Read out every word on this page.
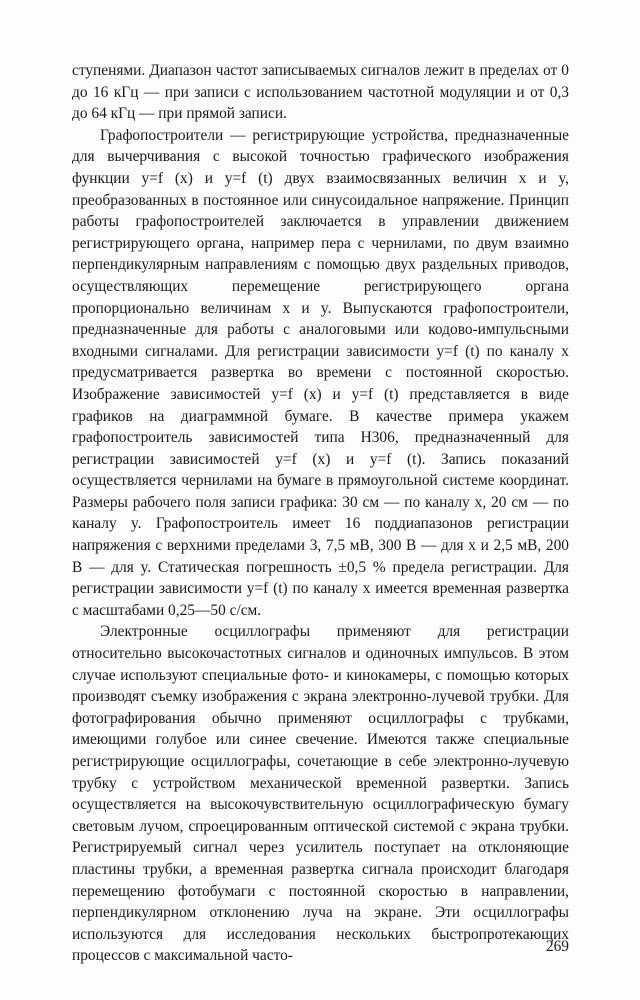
ступенями. Диапазон частот записываемых сигналов лежит в пределах от 0 до 16 кГц — при записи с использованием частотной модуляции и от 0,3 до 64 кГц — при прямой записи.

Графопостроители — регистрирующие устройства, предназначенные для вычерчивания с высокой точностью графического изображения функции y=f (x) и y=f (t) двух взаимосвязанных величин x и y, преобразованных в постоянное или синусоидальное напряжение. Принцип работы графопостроителей заключается в управлении движением регистрирующего органа, например пера с чернилами, по двум взаимно перпендикулярным направлениям с помощью двух раздельных приводов, осуществляющих перемещение регистрирующего органа пропорционально величинам x и y. Выпускаются графопостроители, предназначенные для работы с аналоговыми или кодово-импульсными входными сигналами. Для регистрации зависимости y=f (t) по каналу x предусматривается развертка во времени с постоянной скоростью. Изображение зависимостей y=f (x) и y=f (t) представляется в виде графиков на диаграммной бумаге. В качестве примера укажем графопостроитель зависимостей типа Н306, предназначенный для регистрации зависимостей y=f (x) и y=f (t). Запись показаний осуществляется чернилами на бумаге в прямоугольной системе координат. Размеры рабочего поля записи графика: 30 см — по каналу x, 20 см — по каналу y. Графопостроитель имеет 16 поддиапазонов регистрации напряжения с верхними пределами 3, 7,5 мВ, 300 В — для x и 2,5 мВ, 200 В — для y. Статическая погрешность ±0,5 % предела регистрации. Для регистрации зависимости y=f (t) по каналу x имеется временная развертка с масштабами 0,25—50 с/см.

Электронные осциллографы применяют для регистрации относительно высокочастотных сигналов и одиночных импульсов. В этом случае используют специальные фото- и кинокамеры, с помощью которых производят съемку изображения с экрана электронно-лучевой трубки. Для фотографирования обычно применяют осциллографы с трубками, имеющими голубое или синее свечение. Имеются также специальные регистрирующие осциллографы, сочетающие в себе электронно-лучевую трубку с устройством механической временной развертки. Запись осуществляется на высокочувствительную осциллографическую бумагу световым лучом, спроецированным оптической системой с экрана трубки. Регистрируемый сигнал через усилитель поступает на отклоняющие пластины трубки, а временная развертка сигнала происходит благодаря перемещению фотобумаги с постоянной скоростью в направлении, перпендикулярном отклонению луча на экране. Эти осциллографы используются для исследования нескольких быстропротекающих процессов с максимальной часто-

269
